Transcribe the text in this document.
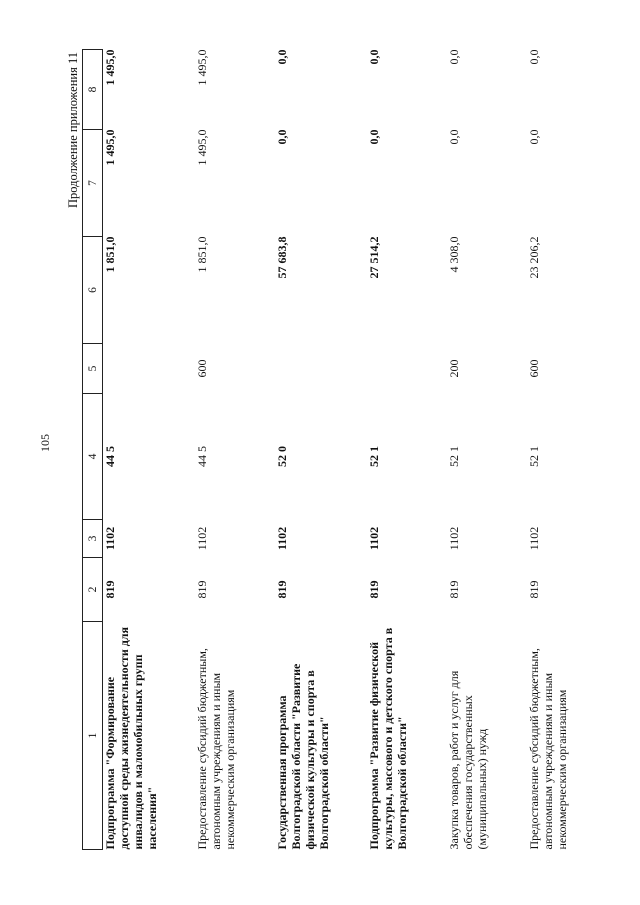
105
Продолжение приложения 11
1	2	3	4	5	6	7	8
Подпрограмма "Формирование доступной среды жизнедеятельности для инвалидов и маломобильных групп населения"	819	1102	44 5		1 851,0	1 495,0	1 495,0
Предоставление субсидий бюджетным, автономным учреждениям и иным некоммерческим организациям	819	1102	44 5	600	1 851,0	1 495,0	1 495,0
Государственная программа Волгоградской области "Развитие физической культуры и спорта в Волгоградской области"	819	1102	52 0		57 683,8	0,0	0,0
Подпрограмма "Развитие физической культуры, массового и детского спорта в Волгоградской области"	819	1102	52 1		27 514,2	0,0	0,0
Закупка товаров, работ и услуг для обеспечения государственных (муниципальных) нужд	819	1102	52 1	200	4 308,0	0,0	0,0
Предоставление субсидий бюджетным, автономным учреждениям и иным некоммерческим организациям	819	1102	52 1	600	23 206,2	0,0	0,0
